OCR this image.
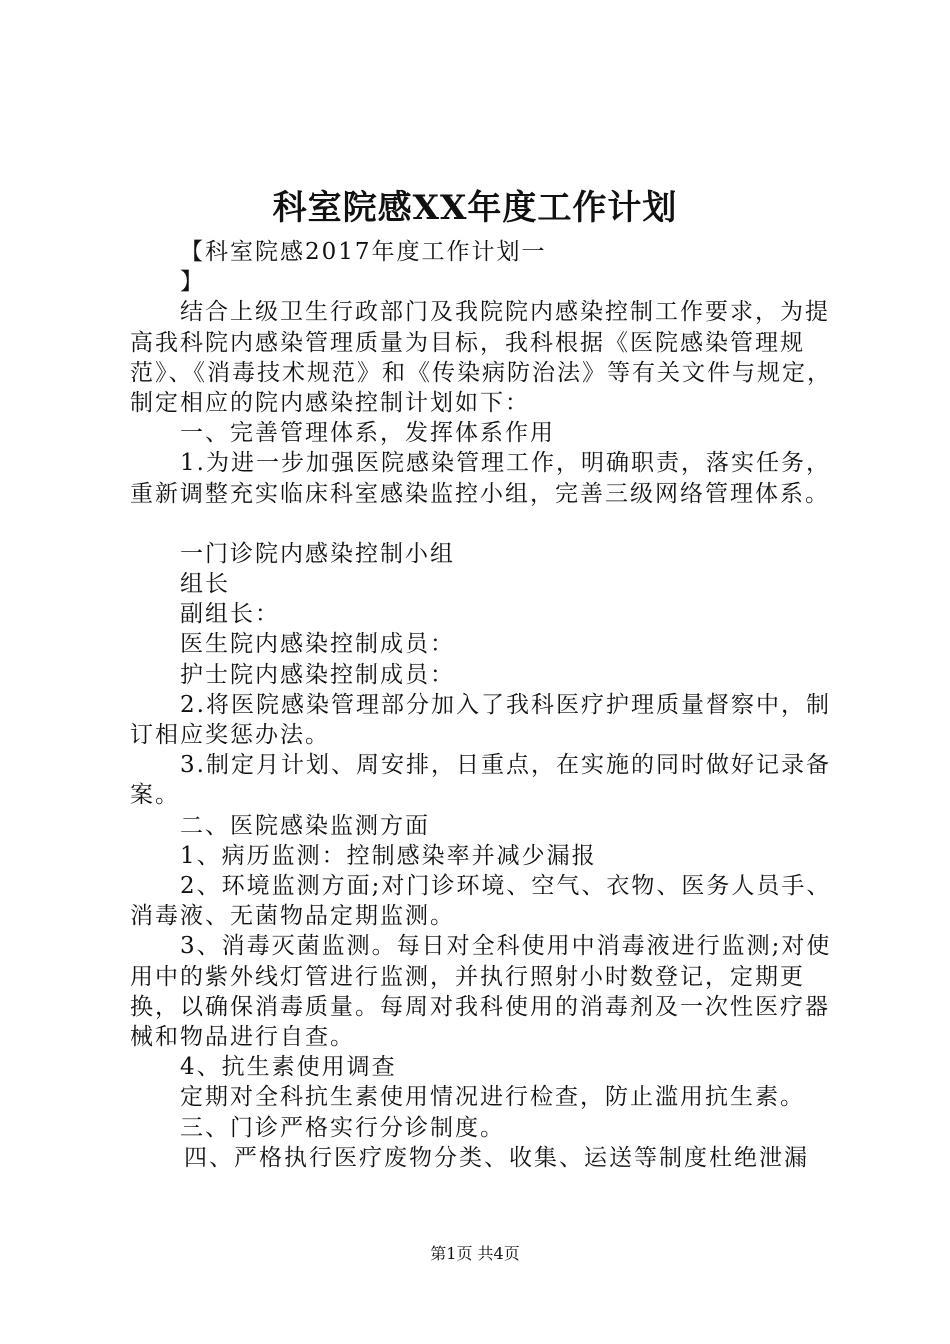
科室院感XX年度工作计划

【科室院感2017年度工作计划一

】

结合上级卫生行政部门及我院院内感染控制工作要求，为提高我科院内感染管理质量为目标，我科根据《医院感染管理规范》、《消毒技术规范》和《传染病防治法》等有关文件与规定，制定相应的院内感染控制计划如下：

一、完善管理体系，发挥体系作用

1.为进一步加强医院感染管理工作，明确职责，落实任务，重新调整充实临床科室感染监控小组，完善三级网络管理体系。

一门诊院内感染控制小组

组长

副组长：

医生院内感染控制成员：

护士院内感染控制成员：

2.将医院感染管理部分加入了我科医疗护理质量督察中，制订相应奖惩办法。

3.制定月计划、周安排，日重点，在实施的同时做好记录备案。

二、医院感染监测方面

1、病历监测：控制感染率并减少漏报

2、环境监测方面;对门诊环境、空气、衣物、医务人员手、消毒液、无菌物品定期监测。

3、消毒灭菌监测。每日对全科使用中消毒液进行监测;对使用中的紫外线灯管进行监测，并执行照射小时数登记，定期更换，以确保消毒质量。每周对我科使用的消毒剂及一次性医疗器械和物品进行自查。

4、抗生素使用调查

定期对全科抗生素使用情况进行检查，防止滥用抗生素。

三、门诊严格实行分诊制度。

四、严格执行医疗废物分类、收集、运送等制度杜绝泄漏

第1页 共4页
